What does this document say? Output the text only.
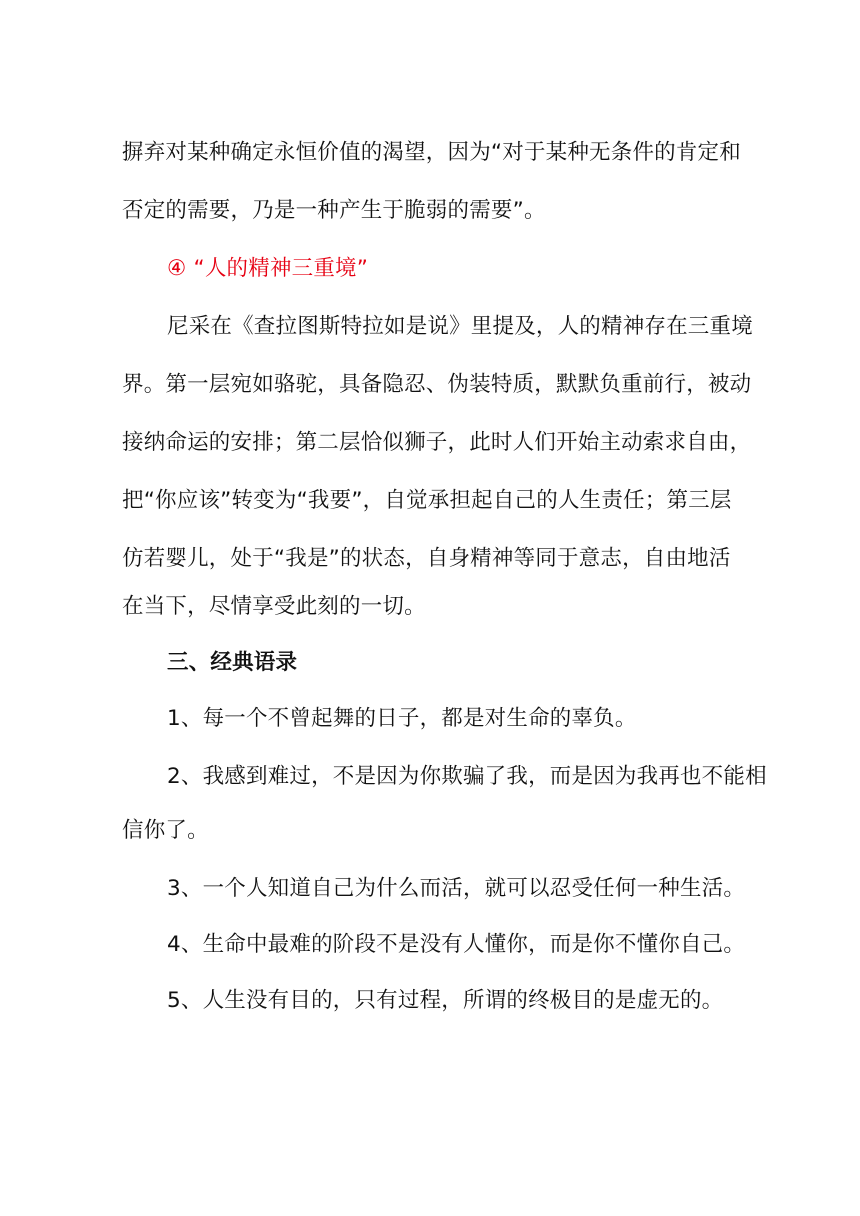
摒弃对某种确定永恒价值的渴望，因为“对于某种无条件的肯定和
否定的需要，乃是一种产生于脆弱的需要”。
④ “人的精神三重境”
尼采在《查拉图斯特拉如是说》里提及，人的精神存在三重境
界。第一层宛如骆驼，具备隐忍、伪装特质，默默负重前行，被动
接纳命运的安排；第二层恰似狮子，此时人们开始主动索求自由，
把“你应该”转变为“我要”，自觉承担起自己的人生责任；第三层
仿若婴儿，处于“我是”的状态，自身精神等同于意志，自由地活
在当下，尽情享受此刻的一切。
三、经典语录
1、每一个不曾起舞的日子，都是对生命的辜负。
2、我感到难过，不是因为你欺骗了我，而是因为我再也不能相
信你了。
3、一个人知道自己为什么而活，就可以忍受任何一种生活。
4、生命中最难的阶段不是没有人懂你，而是你不懂你自己。
5、人生没有目的，只有过程，所谓的终极目的是虚无的。
